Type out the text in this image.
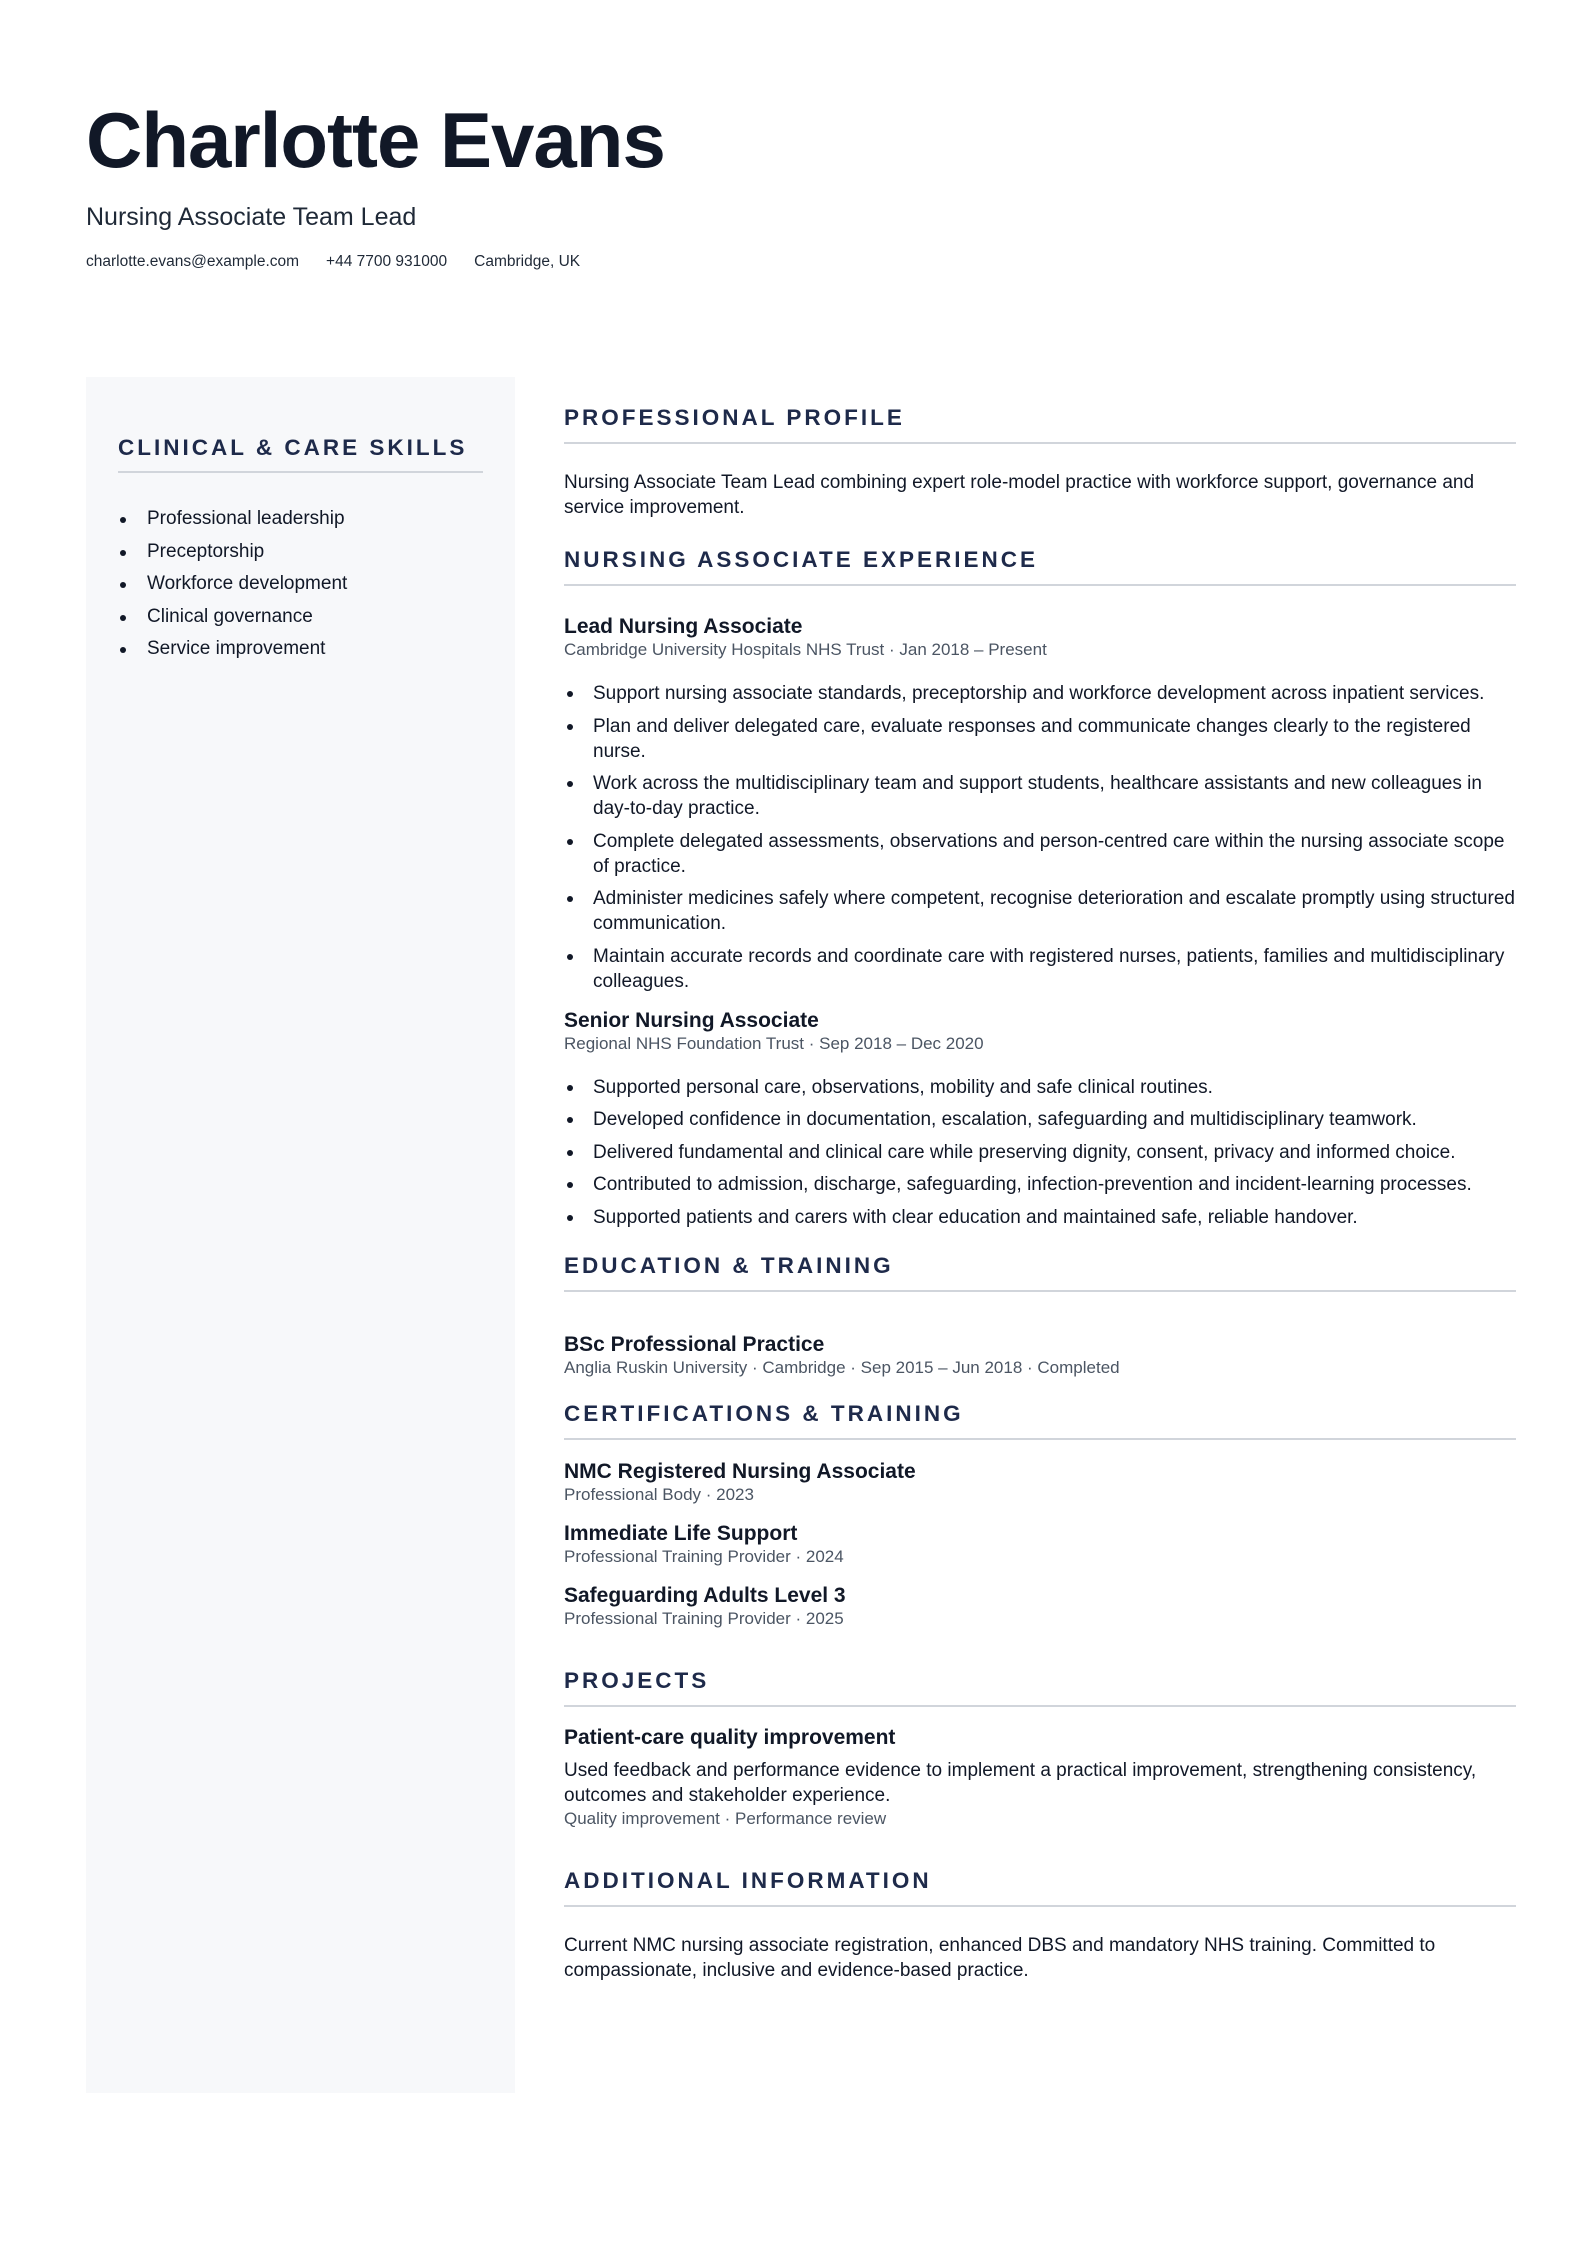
Charlotte Evans
Nursing Associate Team Lead
charlotte.evans@example.com +44 7700 931000 Cambridge, UK
CLINICAL & CARE SKILLS
Professional leadership
Preceptorship
Workforce development
Clinical governance
Service improvement
PROFESSIONAL PROFILE
Nursing Associate Team Lead combining expert role-model practice with workforce support, governance and service improvement.
NURSING ASSOCIATE EXPERIENCE
Lead Nursing Associate
Cambridge University Hospitals NHS Trust · Jan 2018 – Present
Support nursing associate standards, preceptorship and workforce development across inpatient services.
Plan and deliver delegated care, evaluate responses and communicate changes clearly to the registered nurse.
Work across the multidisciplinary team and support students, healthcare assistants and new colleagues in day-to-day practice.
Complete delegated assessments, observations and person-centred care within the nursing associate scope of practice.
Administer medicines safely where competent, recognise deterioration and escalate promptly using structured communication.
Maintain accurate records and coordinate care with registered nurses, patients, families and multidisciplinary colleagues.
Senior Nursing Associate
Regional NHS Foundation Trust · Sep 2018 – Dec 2020
Supported personal care, observations, mobility and safe clinical routines.
Developed confidence in documentation, escalation, safeguarding and multidisciplinary teamwork.
Delivered fundamental and clinical care while preserving dignity, consent, privacy and informed choice.
Contributed to admission, discharge, safeguarding, infection-prevention and incident-learning processes.
Supported patients and carers with clear education and maintained safe, reliable handover.
EDUCATION & TRAINING
BSc Professional Practice
Anglia Ruskin University · Cambridge · Sep 2015 – Jun 2018 · Completed
CERTIFICATIONS & TRAINING
NMC Registered Nursing Associate
Professional Body · 2023
Immediate Life Support
Professional Training Provider · 2024
Safeguarding Adults Level 3
Professional Training Provider · 2025
PROJECTS
Patient-care quality improvement
Used feedback and performance evidence to implement a practical improvement, strengthening consistency, outcomes and stakeholder experience.
Quality improvement · Performance review
ADDITIONAL INFORMATION
Current NMC nursing associate registration, enhanced DBS and mandatory NHS training. Committed to compassionate, inclusive and evidence-based practice.
